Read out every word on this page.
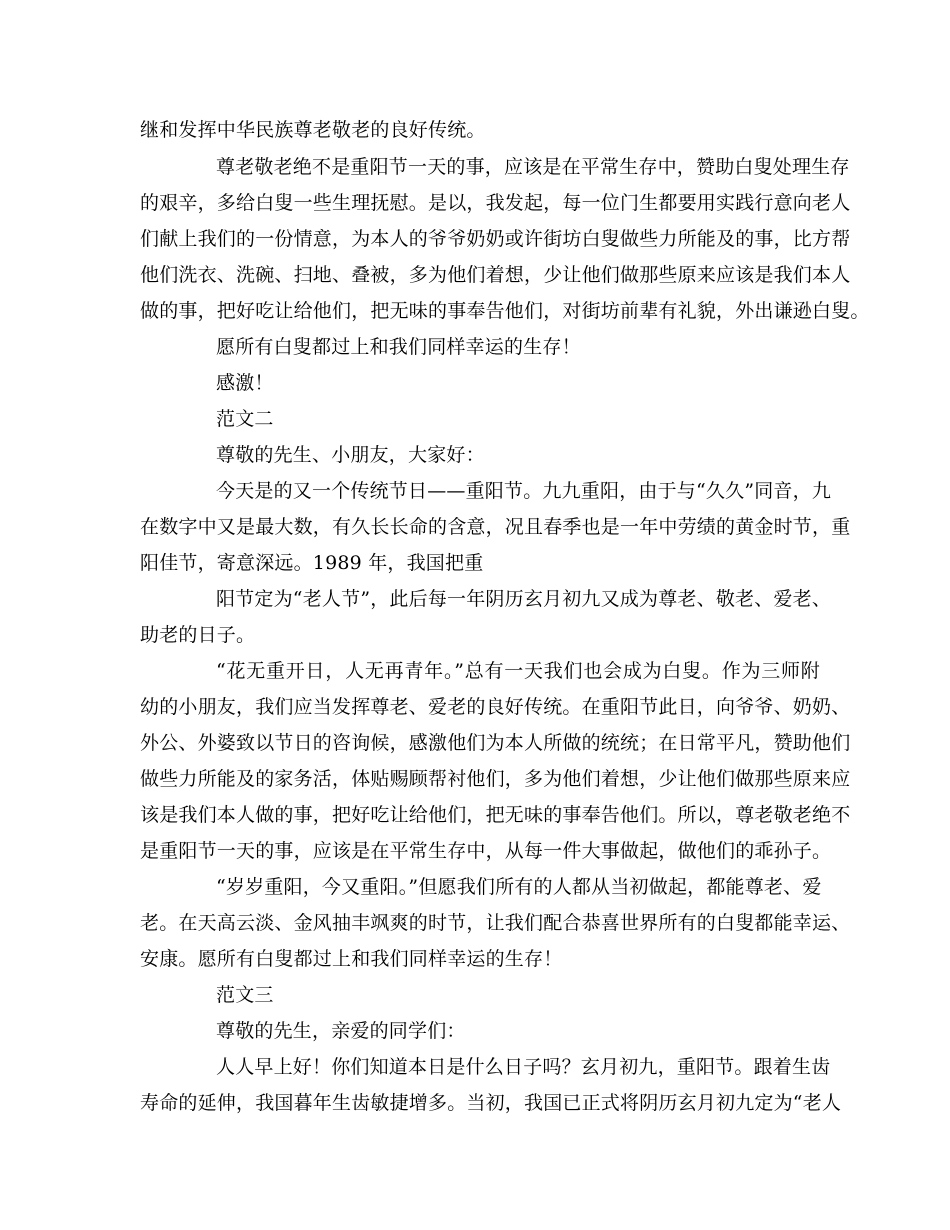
继和发挥中华民族尊老敬老的良好传统。
尊老敬老绝不是重阳节一天的事，应该是在平常生存中，赞助白叟处理生存
的艰辛，多给白叟一些生理抚慰。是以，我发起，每一位门生都要用实践行意向老人
们献上我们的一份情意，为本人的爷爷奶奶或许街坊白叟做些力所能及的事，比方帮
他们洗衣、洗碗、扫地、叠被，多为他们着想，少让他们做那些原来应该是我们本人
做的事，把好吃让给他们，把无味的事奉告他们，对街坊前辈有礼貌，外出谦逊白叟。
愿所有白叟都过上和我们同样幸运的生存！
感激！
范文二
尊敬的先生、小朋友，大家好：
今天是的又一个传统节日——重阳节。九九重阳，由于与“久久”同音，九
在数字中又是最大数，有久长长命的含意，况且春季也是一年中劳绩的黄金时节，重
阳佳节，寄意深远。1989 年，我国把重
阳节定为“老人节”，此后每一年阴历玄月初九又成为尊老、敬老、爱老、
助老的日子。
“花无重开日，人无再青年。”总有一天我们也会成为白叟。作为三师附
幼的小朋友，我们应当发挥尊老、爱老的良好传统。在重阳节此日，向爷爷、奶奶、
外公、外婆致以节日的咨询候，感激他们为本人所做的统统；在日常平凡，赞助他们
做些力所能及的家务活，体贴赐顾帮衬他们，多为他们着想，少让他们做那些原来应
该是我们本人做的事，把好吃让给他们，把无味的事奉告他们。所以，尊老敬老绝不
是重阳节一天的事，应该是在平常生存中，从每一件大事做起，做他们的乖孙子。
“岁岁重阳，今又重阳。”但愿我们所有的人都从当初做起，都能尊老、爱
老。在天高云淡、金风抽丰飒爽的时节，让我们配合恭喜世界所有的白叟都能幸运、
安康。愿所有白叟都过上和我们同样幸运的生存！
范文三
尊敬的先生，亲爱的同学们：
人人早上好！你们知道本日是什么日子吗？玄月初九，重阳节。跟着生齿
寿命的延伸，我国暮年生齿敏捷增多。当初，我国已正式将阴历玄月初九定为“老人
